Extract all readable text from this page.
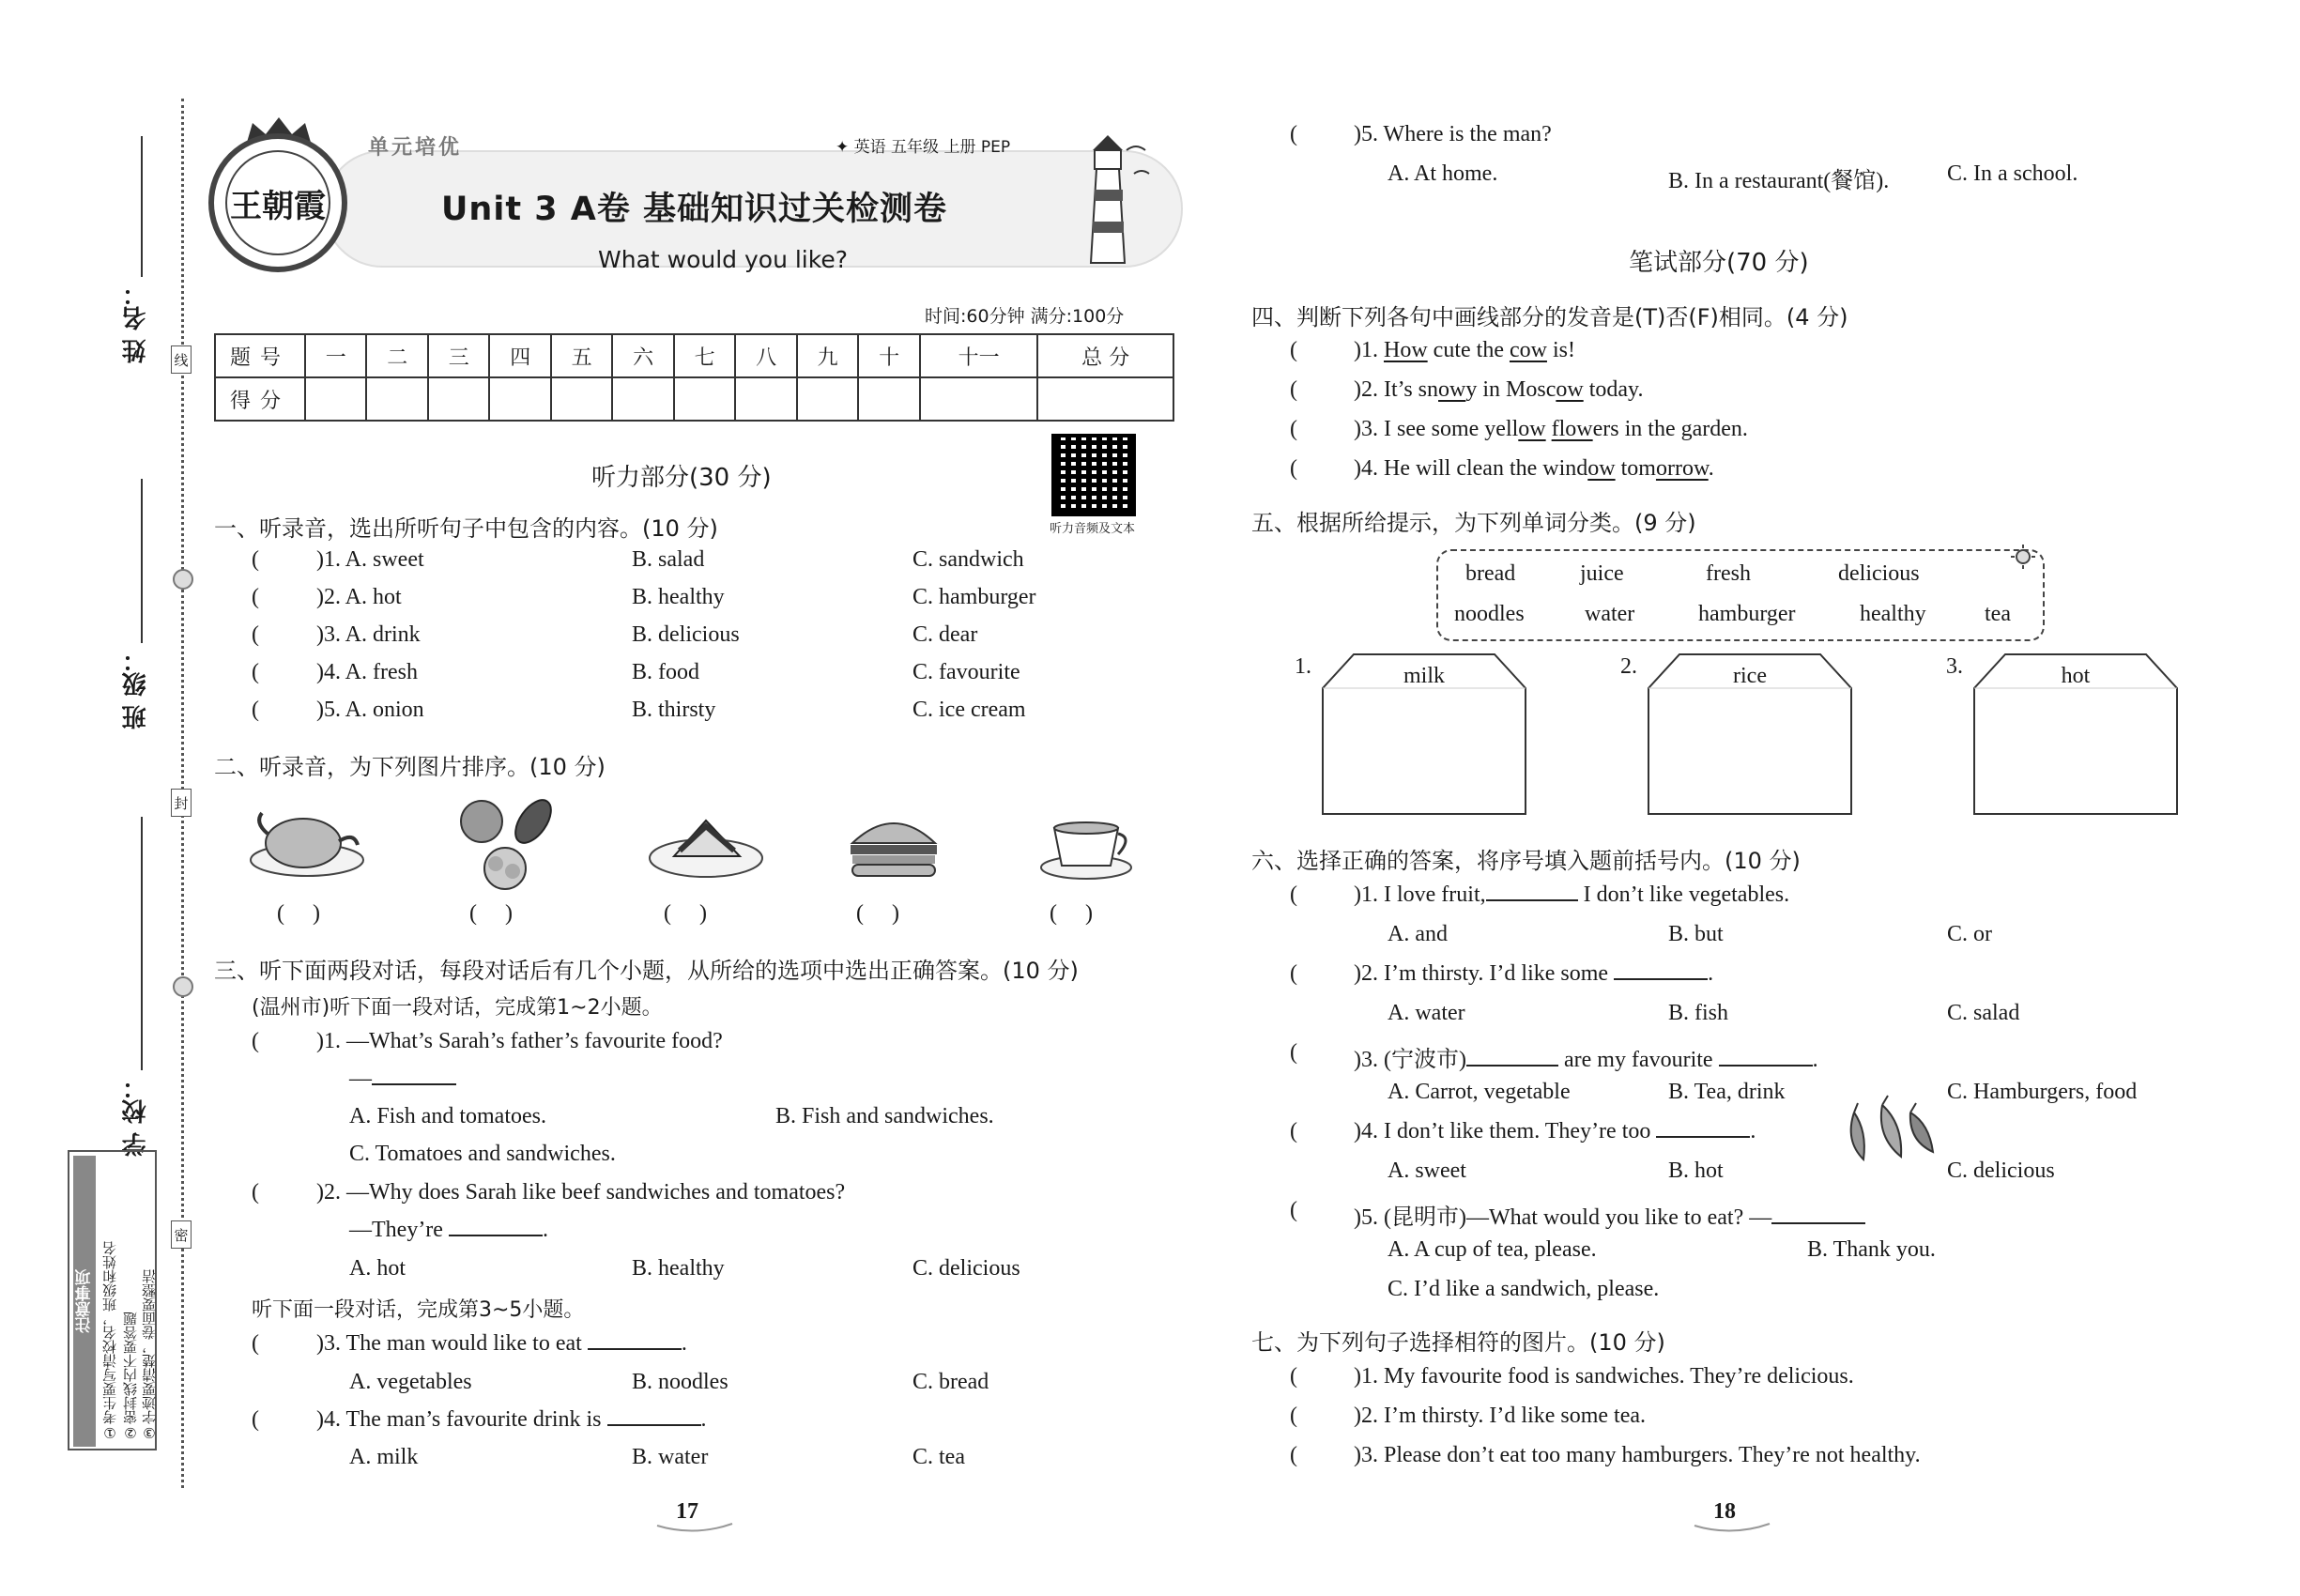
姓 名：
班 级：
学 校：
线
封
密
注意事项 ①考生要写清校名，班级和姓名 ②密封线内不要答题 ③字迹要清楚，卷面要整洁
王朝霞
单元培优	✦ 英语 五年级 上册 PEP
Unit 3 A卷 基础知识过关检测卷
What would you like?
时间:60分钟 满分:100分
题号	一	二	三	四	五	六	七	八	九	十	十一	总 分
得分												
听力部分(30 分)
听力音频及文本
一、听录音，选出所听句子中包含的内容。(10 分)
( )1. A. sweet	B. salad	C. sandwich
( )2. A. hot	B. healthy	C. hamburger
( )3. A. drink	B. delicious	C. dear
( )4. A. fresh	B. food	C. favourite
( )5. A. onion	B. thirsty	C. ice cream
二、听录音，为下列图片排序。(10 分)
(     )	(     )	(     )	(     )	(     )
三、听下面两段对话，每段对话后有几个小题，从所给的选项中选出正确答案。(10 分)
(温州市)听下面一段对话，完成第1~2小题。
( )1. —What’s Sarah’s father’s favourite food?
—
A. Fish and tomatoes.	B. Fish and sandwiches.
C. Tomatoes and sandwiches.
( )2. —Why does Sarah like beef sandwiches and tomatoes?
—They’re	.
A. hot	B. healthy	C. delicious
听下面一段对话，完成第3~5小题。
( )3. The man would like to eat	.
A. vegetables	B. noodles	C. bread
( )4. The man’s favourite drink is	.
A. milk	B. water	C. tea
17
( )5. Where is the man?
A. At home.	B. In a restaurant(餐馆).	C. In a school.
笔试部分(70 分)
四、判断下列各句中画线部分的发音是(T)否(F)相同。(4 分)
( )1. How cute the cow is!
( )2. It’s snowy in Moscow today.
( )3. I see some yellow flowers in the garden.
( )4. He will clean the window tomorrow.
五、根据所给提示，为下列单词分类。(9 分)
bread	juice	fresh	delicious
noodles	water	hamburger	healthy	tea
1.	milk	2.	rice	3.	hot
六、选择正确的答案，将序号填入题前括号内。(10 分)
( )1. I love fruit,	I don’t like vegetables.
A. and	B. but	C. or
( )2. I’m thirsty. I’d like some	.
A. water	B. fish	C. salad
( )3. (宁波市)	are my favourite	.
A. Carrot, vegetable	B. Tea, drink	C. Hamburgers, food
( )4. I don’t like them. They’re too	.
A. sweet	B. hot	C. delicious
( )5. (昆明市)—What would you like to eat? —
A. A cup of tea, please.	B. Thank you.
C. I’d like a sandwich, please.
七、为下列句子选择相符的图片。(10 分)
( )1. My favourite food is sandwiches. They’re delicious.
( )2. I’m thirsty. I’d like some tea.
( )3. Please don’t eat too many hamburgers. They’re not healthy.
18
